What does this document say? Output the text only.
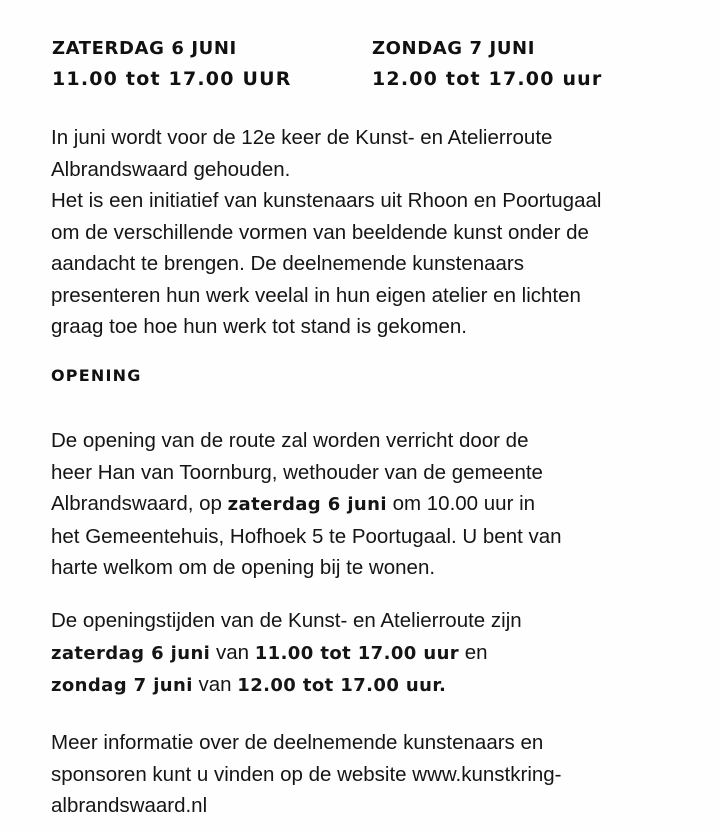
ZATERDAG 6 JUNI
11.00 tot 17.00 UUR
ZONDAG 7 JUNI
12.00 tot 17.00 uur

In juni wordt voor de 12e keer de Kunst- en Atelierroute
Albrandswaard gehouden.
Het is een initiatief van kunstenaars uit Rhoon en Poortugaal
om de verschillende vormen van beeldende kunst onder de
aandacht te brengen. De deelnemende kunstenaars
presenteren hun werk veelal in hun eigen atelier en lichten
graag toe hoe hun werk tot stand is gekomen.

OPENING

De opening van de route zal worden verricht door de
heer Han van Toornburg, wethouder van de gemeente
Albrandswaard, op zaterdag 6 juni om 10.00 uur in
het Gemeentehuis, Hofhoek 5 te Poortugaal. U bent van
harte welkom om de opening bij te wonen.

De openingstijden van de Kunst- en Atelierroute zijn
zaterdag 6 juni van 11.00 tot 17.00 uur en
zondag 7 juni van 12.00 tot 17.00 uur.

Meer informatie over de deelnemende kunstenaars en
sponsoren kunt u vinden op de website www.kunstkring-
albrandswaard.nl
